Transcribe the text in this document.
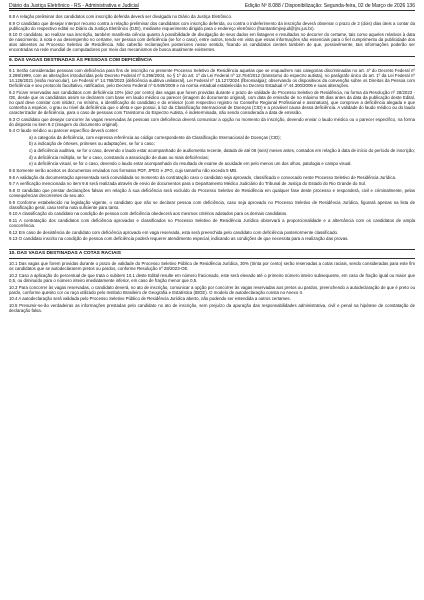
Diário da Justiça Eletrônico - RS - Administrativa e Judicial	Edição Nº 8.088 / Disponibilização: Segunda-feira, 02 de Março de 2026 136

8.8 A relação preliminar dos candidatos com inscrição deferida deverá ser divulgada no Diário da Justiça Eletrônico.

8.9 O candidato que desejar interpor recurso contra a relação preliminar dos candidatos com inscrição deferida, ou contra o indeferimento da inscrição deverá observar o prazo de 2 (dois) dias úteis a contar da publicação do respectivo edital no Diário da Justiça Eletrônico (DJE), mediante requerimento dirigido para o endereço eletrônico (fnantantimjnvjud@tjrs.jus.br).

8.10 O candidato, ao realizar sua inscrição, também manifesta ciência quanto à possibilidade de divulgação de seus dados em listagens e resultados no decorrer do certame, tais como aqueles relativos à data de nascimento, à nota e ao desempenho no certame, ser pessoa com deficiência (se for o caso), entre outros, tendo em vista que essas informações são essenciais para o fiel cumprimento da publicidade dos atos atinentes ao Processo Seletivo de Residência. Não caberão reclamações posteriores nesse sentido, ficando os candidatos cientes também de que, possivelmente, tais informações poderão ser encontradas na rede mundial de computadores por meio dos mecanismos de busca atualmente existentes.

9. DAS VAGAS DESTINADAS ÀS PESSOAS COM DEFICIÊNCIA

9.1 Serão consideradas pessoas com deficiência para fins de inscrição no presente Processo Seletivo de Residência aquelas que se enquadrem nas categorias discriminadas no art. 4º do Decreto Federal nº 3.298/1999, com as alterações introduzidas pelo Decreto Federal nº 5.296/2004, no § 1º do art. 1º da Lei Federal nº 12.764/2012 (transtorno do espectro autista), no parágrafo único do art. 1º da Lei Federal nº 14.126/2021 (visão monocular), Lei Federal nº 14.768/2023 (deficiência auditiva unilateral), Lei Federal nº 15.127/2024 (fibromialgia); observando os dispositivos da convenção sobre os Direitos da Pessoa com Deficiência e seu protocolo facultativo, ratificados, pelo Decreto Federal nº 6.949/2009 e na norma estadual estabelecida no Decreto Estadual nº 44.300/2006 e suas alterações.

9.2 Ficam reservadas aos candidatos com deficiência 10% (dez por cento) das vagas que forem providas durante o prazo de validade do Processo Seletivo de Residência, na forma da Resolução nº 28/2023 - OE, desde que os candidatos assim se declarem com base em laudo médico ou parecer (imagem do documento original), com data de emissão de no máximo 90 dias antes da data da publicação deste Edital, no qual deve constar com nitidez, no mínimo, a identificação do candidato e do emissor (com respectivo registro no Conselho Regional Profissional e assinatura), que comprove a deficiência alegada e que contenha a espécie, o grau ou nível da deficiência que o afeta e que possui, à luz da Classificação Internacional de Doenças (CID) e a provável causa dessa deficiência. A validade do laudo médico ou do laudo caracterizador de deficiência, para o caso de pessoas com Transtorno do Espectro Autista, é indeterminada, não sendo considerada a data de emissão.

9.3 O candidato que desejar concorrer às vagas reservadas às pessoas com deficiência deverá comunicar a opção no momento da inscrição, devendo enviar o laudo médico ou o parecer específico, na forma do disposto no item 9.2 (imagem do documento original).

9.4 O laudo médico ou parecer específico deverá conter:

a) a categoria da deficiência, com expressa referência ao código correspondente da Classificação Internacional de Doenças (CID);

b) a indicação de órteses, próteses ou adaptações, se for o caso;

c) a deficiência auditiva, se for o caso, devendo o laudo estar acompanhado de audiometria recente, datada de até 06 (seis) meses antes, contados em relação à data de início do período de inscrição;

d) a deficiência múltipla, se for o caso, constando a associação de duas ou mais deficiências;

e) a deficiência visual, se for o caso, devendo o laudo estar acompanhado do resultado de exame de acuidade em pelo menos um dos olhos, patologia e campo visual.

9.5 Somente serão aceitos os documentos enviados nos formatos PDF, JPEG e JPG, cujo tamanho não exceda 5 MB.

9.6 A validação da documentação apresentada será convalidada no momento da contratação caso o candidato seja aprovado, classificado e convocado neste Processo Seletivo de Residência Jurídica.

9.7 A verificação mencionada no item 9.6 será realizada através de envio de documentos para o Departamento Médico Judiciário do Tribunal de Justiça do Estado do Rio Grande do Sul.

9.8 O candidato que prestar declarações falsas em relação à sua deficiência será excluído do Processo Seletivo de Residência em qualquer fase deste processo e responderá, civil e criminalmente, pelas consequências decorrentes do seu ato.

9.9 Conforme estabelecido na legislação vigente, o candidato que não se declarar pessoa com deficiência, caso seja aprovado no Processo Seletivo de Residência Jurídica, figurará apenas na lista de classificação geral, caso tenha nota suficiente para tanto.

9.10 A classificação do candidato na condição de pessoa com deficiência obedecerá aos mesmos critérios adotados para os demais candidatos.

9.11 A contratação dos candidatos com deficiência aprovados e classificados no Processo Seletivo de Residência Jurídica observará a proporcionalidade e a alternância com os candidatos de ampla concorrência.

9.12 Em caso de desistência de candidato com deficiência aprovado em vaga reservada, esta será preenchida pelo candidato com deficiência posteriormente classificado.

9.13 O candidato inscrito na condição de pessoa com deficiência poderá requerer atendimento especial, indicando as condições de que necessita para a realização das provas.

10. DAS VAGAS DESTINADAS A COTAS RACIAIS

10.1 Das vagas que forem providas durante o prazo de validade do Processo Seletivo Público de Residência Jurídica, 30% (trinta por cento) serão reservadas a cotas raciais, sendo consideradas para este fim os candidatos que se autodeclararem pretos ou pardos, conforme Resolução nº 28/2023-OE.

10.2 Caso a aplicação do percentual de que trata o subitem 10.1 deste Edital resulte em número fracionado, este será elevado até o primeiro número inteiro subsequente, em caso de fração igual ou maior que 0,5, ou diminuído para o número inteiro imediatamente inferior, em caso de fração menor que 0,5.

10.3 Para concorrer às vagas reservadas, o candidato deverá, no ato de inscrição, comunicar a opção por concorrer às vagas reservadas aos pretos ou pardos, preenchendo a autodeclaração de que é preto ou pardo, conforme quesito cor ou raça utilizado pelo Instituto Brasileiro de Geografia e Estatística (IBGE). O modelo de autodeclaração consta no Anexo II.

10.4 A autodeclaração será validada pelo Processo Seletivo Público de Residência Jurídica aberto, não podendo ser estendida a outros certames.

10.5 Presumir-se-ão verdadeiras as informações prestadas pelo candidato no ato de inscrição, sem prejuízo da apuração das responsabilidades administrativa, civil e penal na hipótese de constatação de declaração falsa.
